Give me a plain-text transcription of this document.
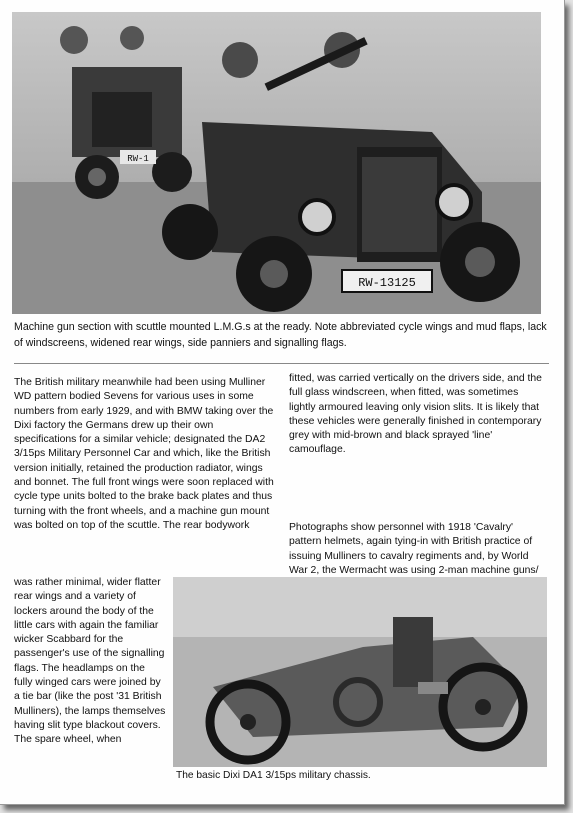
RW-13125
RW-1
Machine gun section with scuttle mounted L.M.G.s at the ready. Note abbreviated cycle wings and mud flaps, lack of windscreens, widened rear wings, side panniers and signalling flags.

The British military meanwhile had been using Mulliner WD pattern bodied Sevens for various uses in some numbers from early 1929, and with BMW taking over the Dixi factory the Germans drew up their own specifications for a similar vehicle; designated the DA2 3/15ps Military Personnel Car and which, like the British version initially, retained the production radiator, wings and bonnet. The full front wings were soon replaced with cycle type units bolted to the brake back plates and thus turning with the front wheels, and a machine gun mount was bolted on top of the scuttle. The rear bodywork

was rather minimal, wider flatter rear wings and a variety of lockers around the body of the little cars with again the familiar wicker Scabbard for the passenger's use of the signalling flags. The headlamps on the fully winged cars were joined by a tie bar (like the post '31 British Mulliners), the lamps themselves having slit type blackout covers. The spare wheel, when

fitted, was carried vertically on the drivers side, and the full glass windscreen, when fitted, was sometimes lightly armoured leaving only vision slits. It is likely that these vehicles were generally finished in contemporary grey with mid-brown and black sprayed 'line' camouflage.

Photographs show personnel with 1918 'Cavalry' pattern helmets, again tying-in with British practice of issuing Mulliners to cavalry regiments and, by World War 2, the Wermacht was using 2-man machine guns/

The basic Dixi DA1 3/15ps military chassis.
